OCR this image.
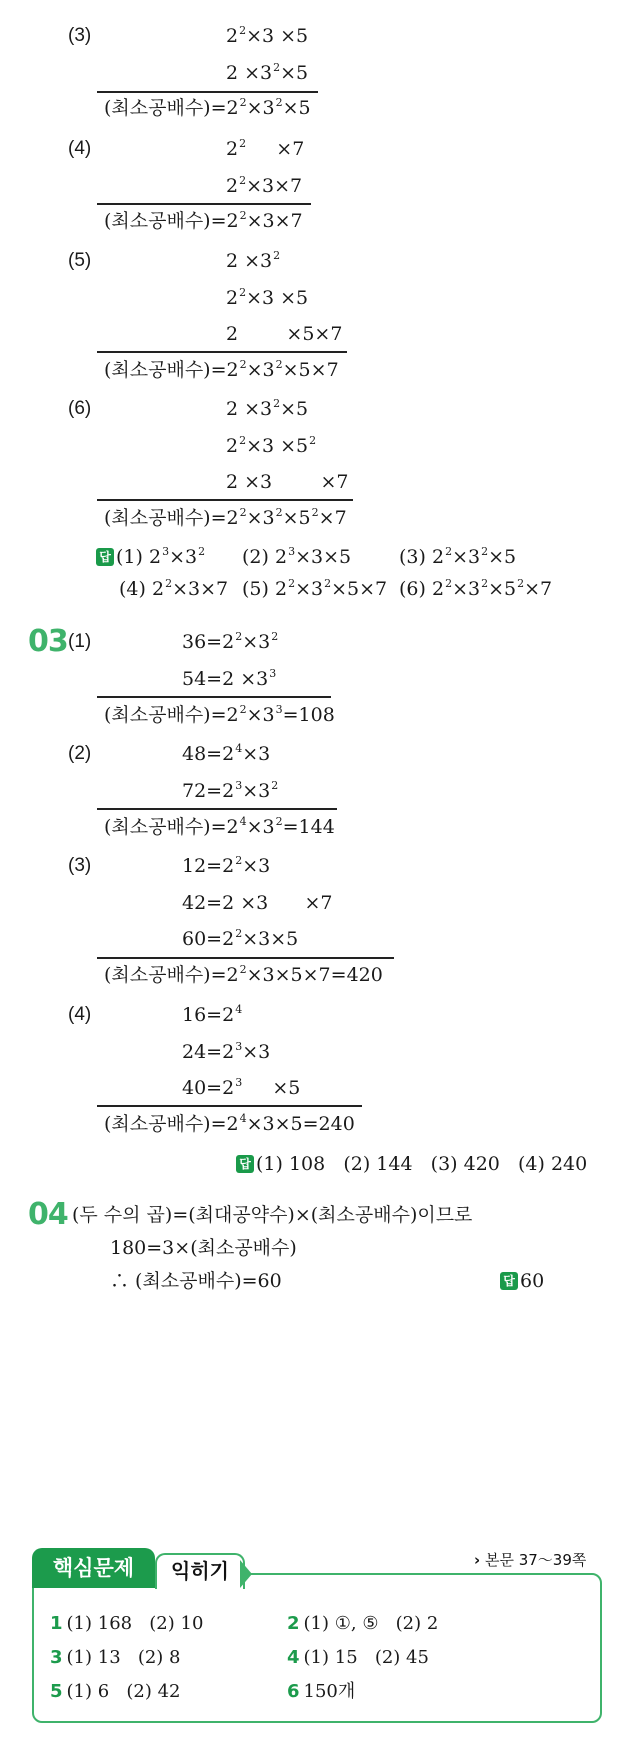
(3)	$2^2\times 3 \times 5$
$2 \times 3^2\times 5$
(최소공배수)$=2^2\times 3^2\times 5$
(4)	$2^2$     ×7
$2^2\times 3\times 7$
(최소공배수)$=2^2\times 3\times 7$
(5)	$2 \times 3^2$
$2^2\times 3 \times 5$
2        ×5×7
(최소공배수)$=2^2\times 3^2\times 5\times 7$
(6)	$2 \times 3^2\times 5$
$2^2\times 3 \times 5^2$
2 ×3        ×7
(최소공배수)$=2^2\times 3^2\times 5^2\times 7$
답 (1) $2^3\times 3^2$ (2) $2^3\times 3\times 5$	(3) $2^2\times 3^2\times 5$
(4) $2^2\times 3\times 7$ (5) $2^2\times 3^2\times 5\times 7$ (6) $2^2\times 3^2\times 5^2\times 7$
03 (1)	$36=2^2\times 3^2$
$54=2 \times 3^3$
(최소공배수)$=2^2\times 3^3=108$
(2)	$48=2^4\times 3$
$72=2^3\times 3^2$
(최소공배수)$=2^4\times 3^2=144$
(3)	$12=2^2\times 3$
42=2 ×3      ×7
$60=2^2\times 3\times 5$
(최소공배수)$=2^2\times 3\times 5\times 7=420$
(4)	$16=2^4$
$24=2^3\times 3$
$40=2^3$     ×5
(최소공배수)$=2^4\times 3\times 5=240$
답 (1) 108   (2) 144   (3) 420   (4) 240
04 (두 수의 곱)=(최대공약수)×(최소공배수)이므로
180=3×(최소공배수)
∴ (최소공배수)=60	답 60
핵심문제	익히기	› 본문 37～39쪽
1 (1) 168   (2) 10	2 (1) ①, ⑤   (2) 2
3 (1) 13   (2) 8	4 (1) 15   (2) 45
5 (1) 6   (2) 42	6 150개
